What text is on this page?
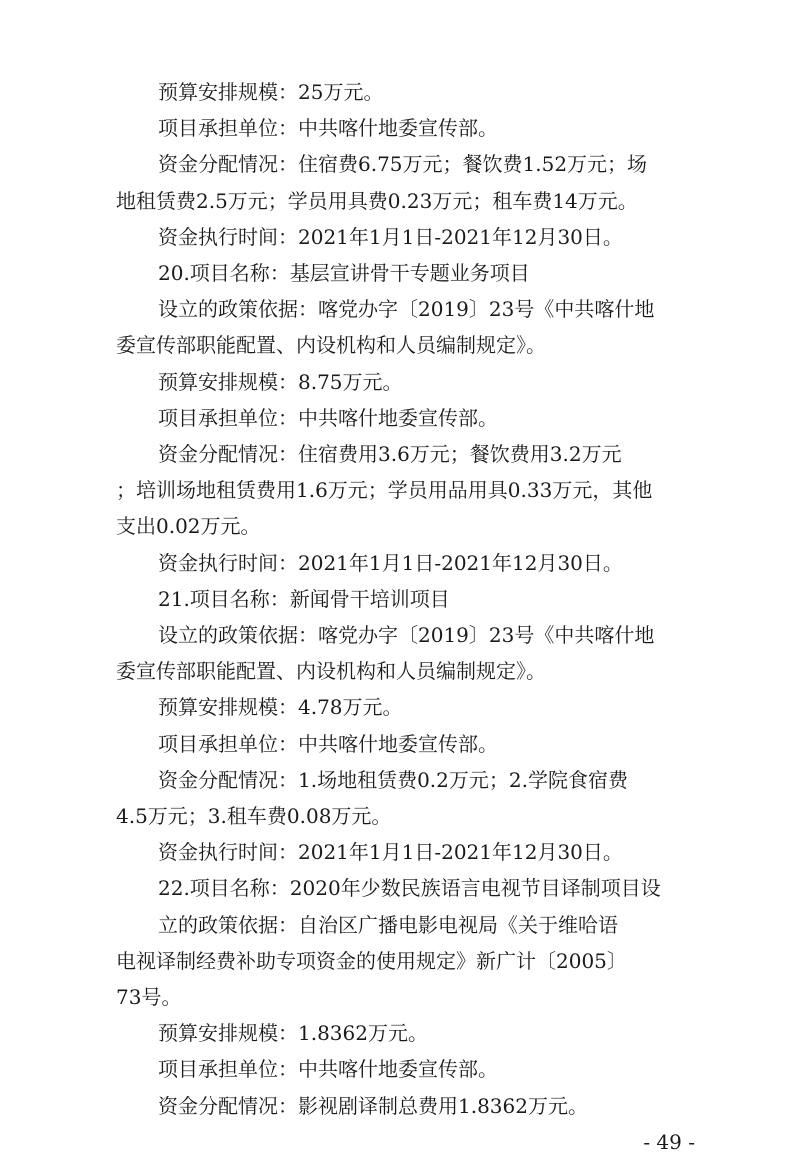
预算安排规模：25万元。

项目承担单位：中共喀什地委宣传部。

资金分配情况：住宿费6.75万元；餐饮费1.52万元；场

地租赁费2.5万元；学员用具费0.23万元；租车费14万元。

资金执行时间：2021年1月1日-2021年12月30日。

20.项目名称：基层宣讲骨干专题业务项目

设立的政策依据：喀党办字〔2019〕23号《中共喀什地

委宣传部职能配置、内设机构和人员编制规定》。

预算安排规模：8.75万元。

项目承担单位：中共喀什地委宣传部。

资金分配情况：住宿费用3.6万元；餐饮费用3.2万元

；培训场地租赁费用1.6万元；学员用品用具0.33万元，其他

支出0.02万元。

资金执行时间：2021年1月1日-2021年12月30日。

21.项目名称：新闻骨干培训项目

设立的政策依据：喀党办字〔2019〕23号《中共喀什地

委宣传部职能配置、内设机构和人员编制规定》。

预算安排规模：4.78万元。

项目承担单位：中共喀什地委宣传部。

资金分配情况：1.场地租赁费0.2万元；2.学院食宿费

4.5万元；3.租车费0.08万元。

资金执行时间：2021年1月1日-2021年12月30日。

22.项目名称：2020年少数民族语言电视节目译制项目设

立的政策依据：自治区广播电影电视局《关于维哈语

电视译制经费补助专项资金的使用规定》新广计〔2005〕

73号。

预算安排规模：1.8362万元。

项目承担单位：中共喀什地委宣传部。

- 49 -

资金分配情况：影视剧译制总费用1.8362万元。
